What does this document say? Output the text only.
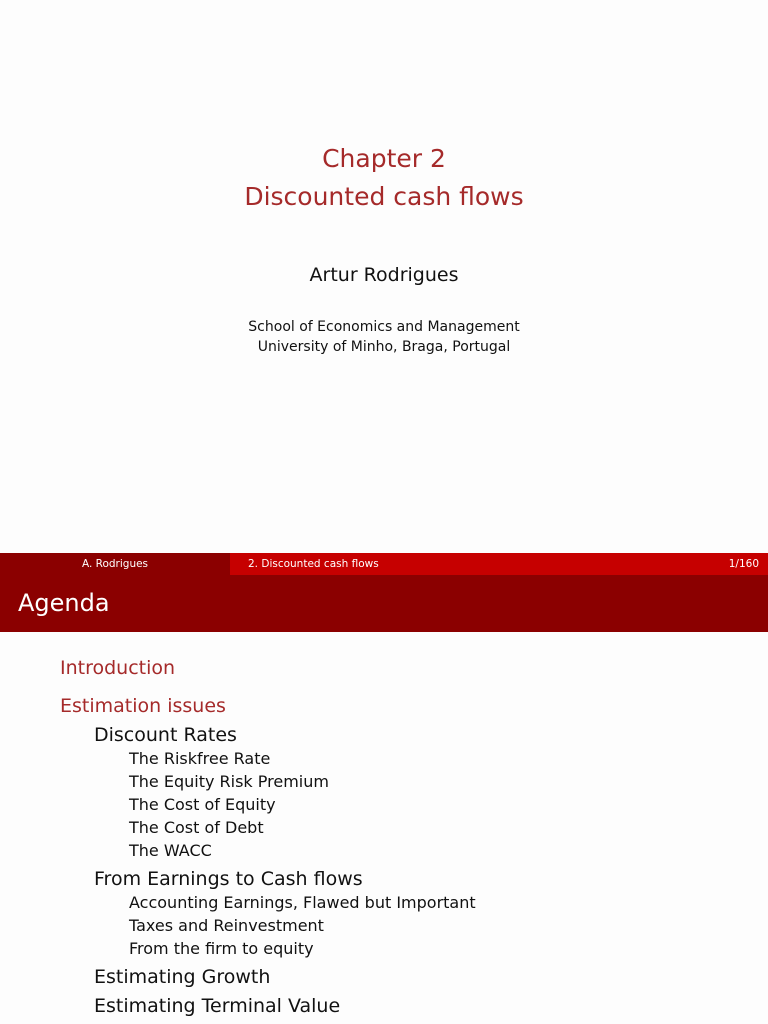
Chapter 2
Discounted cash flows
Artur Rodrigues
School of Economics and Management
University of Minho, Braga, Portugal
A. Rodrigues	2. Discounted cash flows	1/160
Agenda
Introduction
Estimation issues
Discount Rates
The Riskfree Rate
The Equity Risk Premium
The Cost of Equity
The Cost of Debt
The WACC
From Earnings to Cash flows
Accounting Earnings, Flawed but Important
Taxes and Reinvestment
From the firm to equity
Estimating Growth
Estimating Terminal Value
